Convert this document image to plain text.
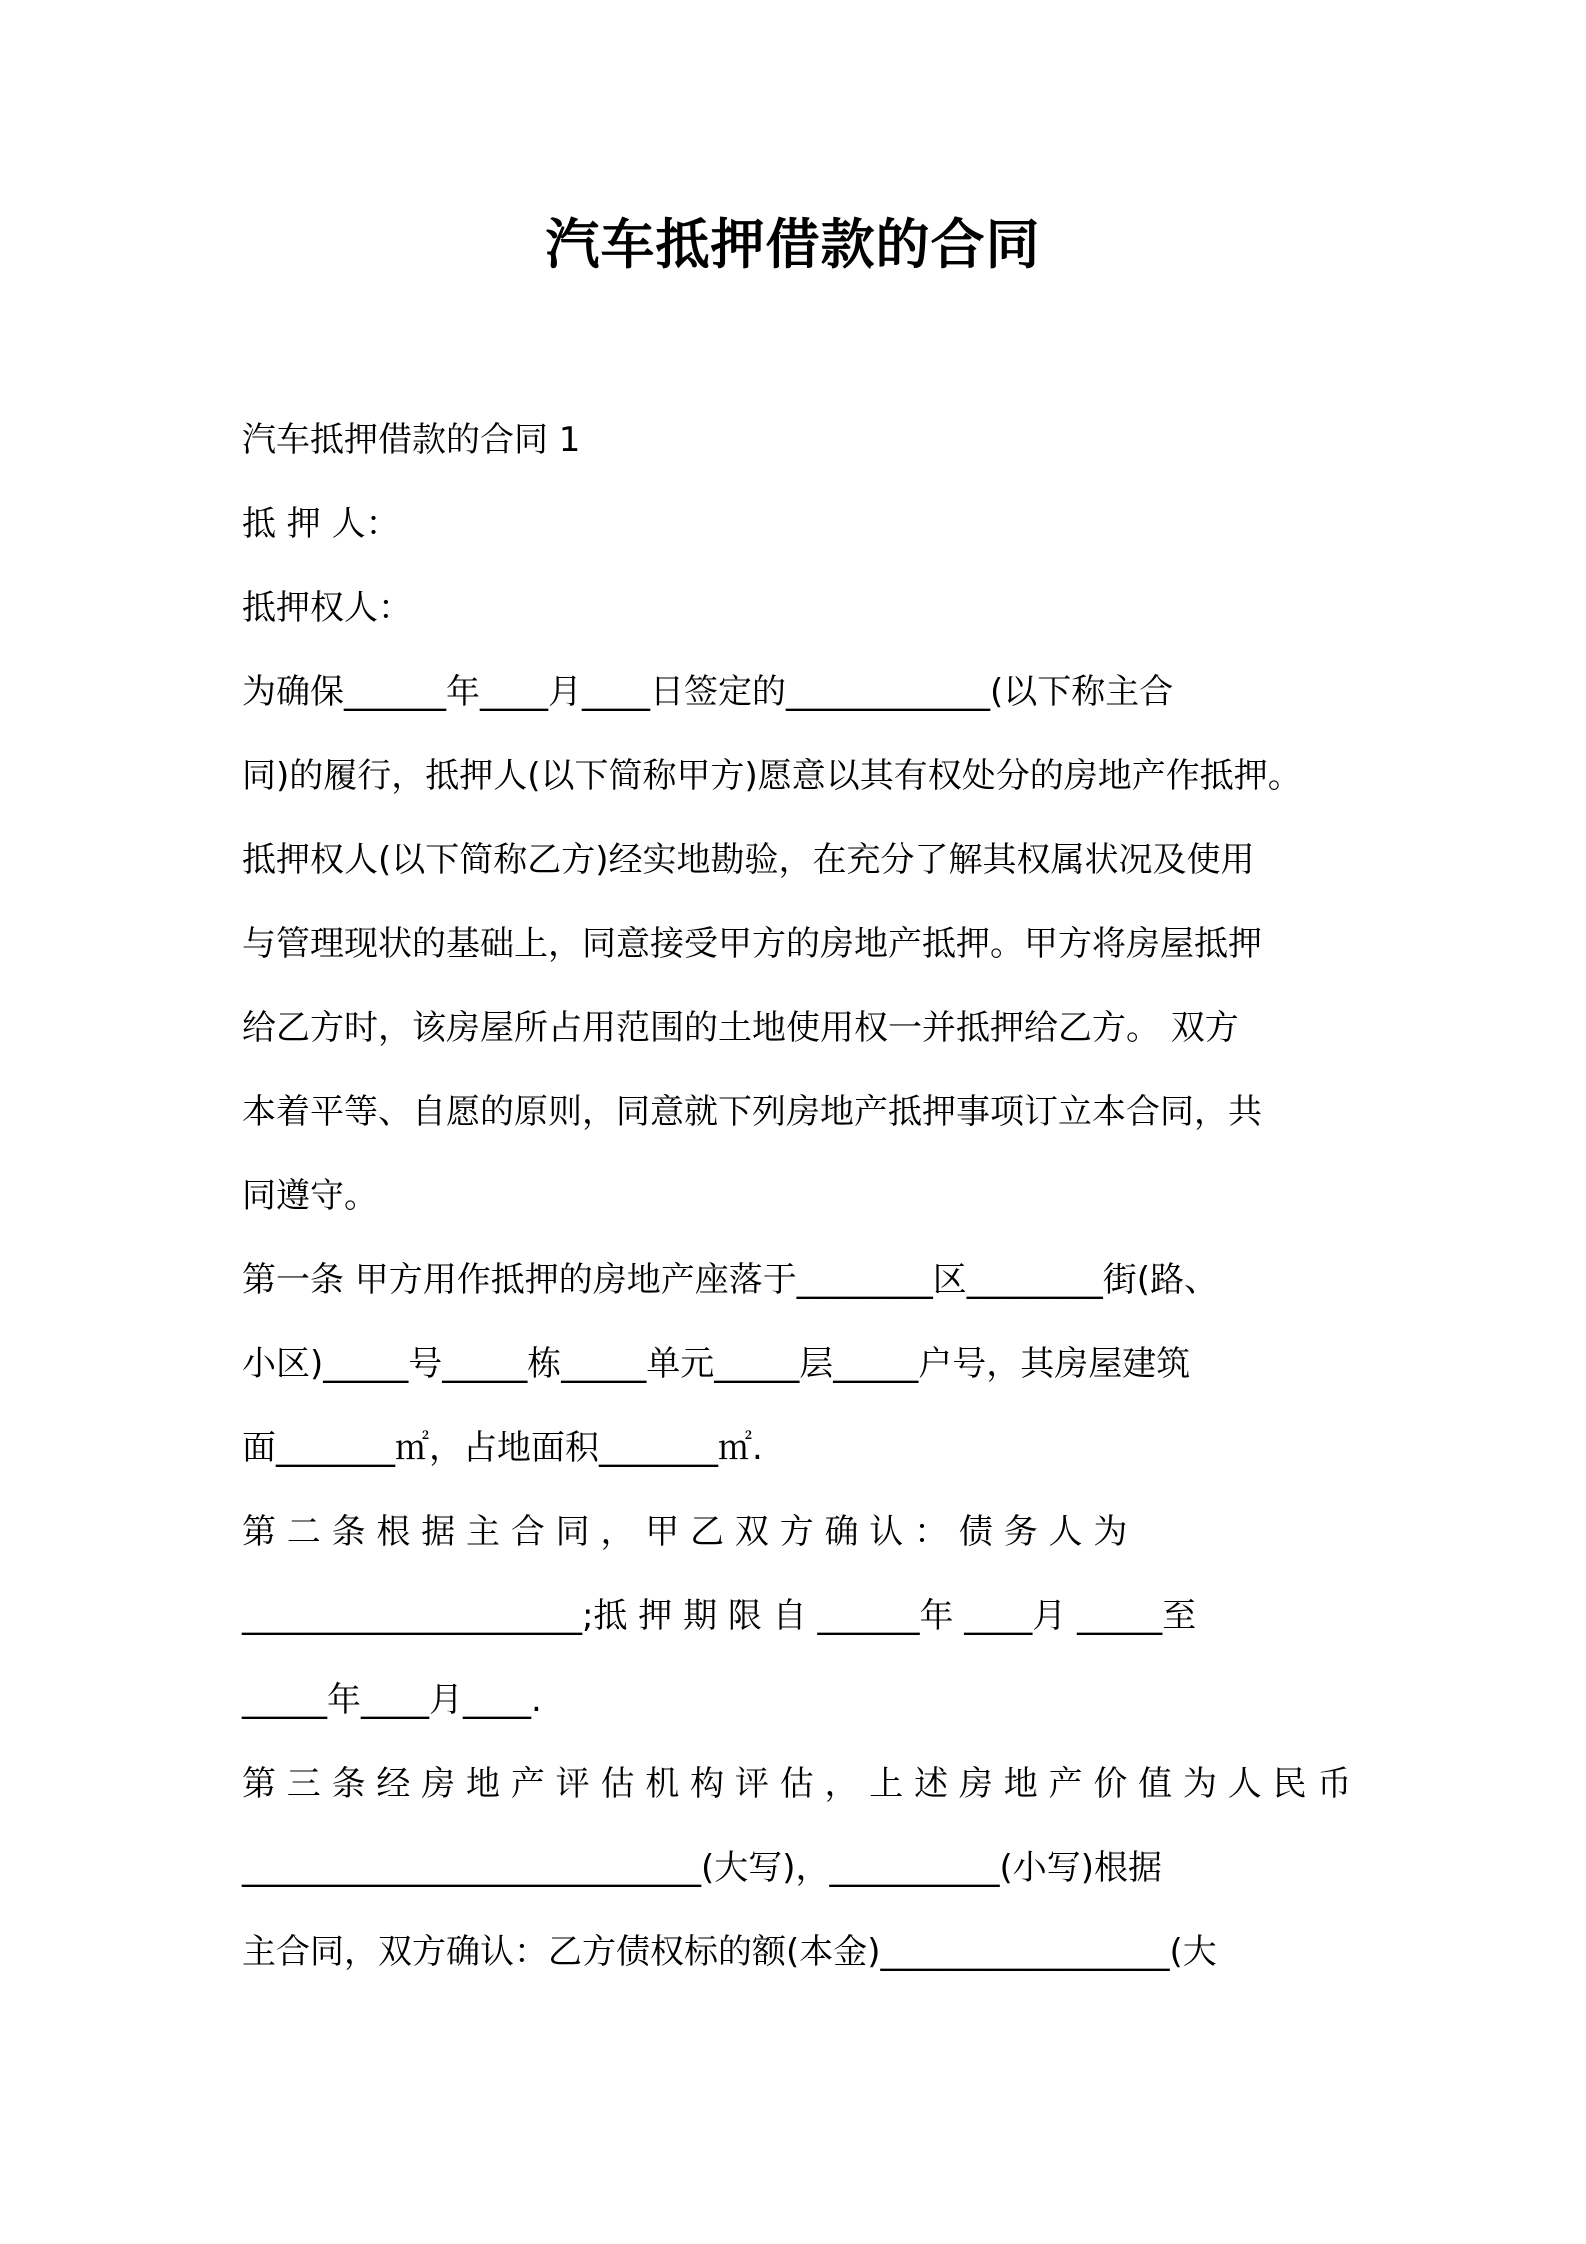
汽车抵押借款的合同
汽车抵押借款的合同 1
抵 押 人：
抵押权人：
为确保______年____月____日签定的____________(以下称主合
同)的履行，抵押人(以下简称甲方)愿意以其有权处分的房地产作抵押。
抵押权人(以下简称乙方)经实地勘验，在充分了解其权属状况及使用
与管理现状的基础上，同意接受甲方的房地产抵押。甲方将房屋抵押
给乙方时，该房屋所占用范围的土地使用权一并抵押给乙方。 双方
本着平等、自愿的原则，同意就下列房地产抵押事项订立本合同，共
同遵守。
第一条 甲方用作抵押的房地产座落于________区________街(路、
小区)_____号_____栋_____单元_____层_____户号，其房屋建筑
面_______㎡，占地面积_______㎡.
第 二 条 根 据 主 合 同 ， 甲 乙 双 方 确 认 ： 债 务 人 为
____________________;抵 押 期 限 自 ______年 ____月 _____至
_____年____月____.
第 三 条 经 房 地 产 评 估 机 构 评 估 ， 上 述 房 地 产 价 值 为 人 民 币
___________________________(大写)，__________(小写)根据
主合同，双方确认：乙方债权标的额(本金)_________________(大
